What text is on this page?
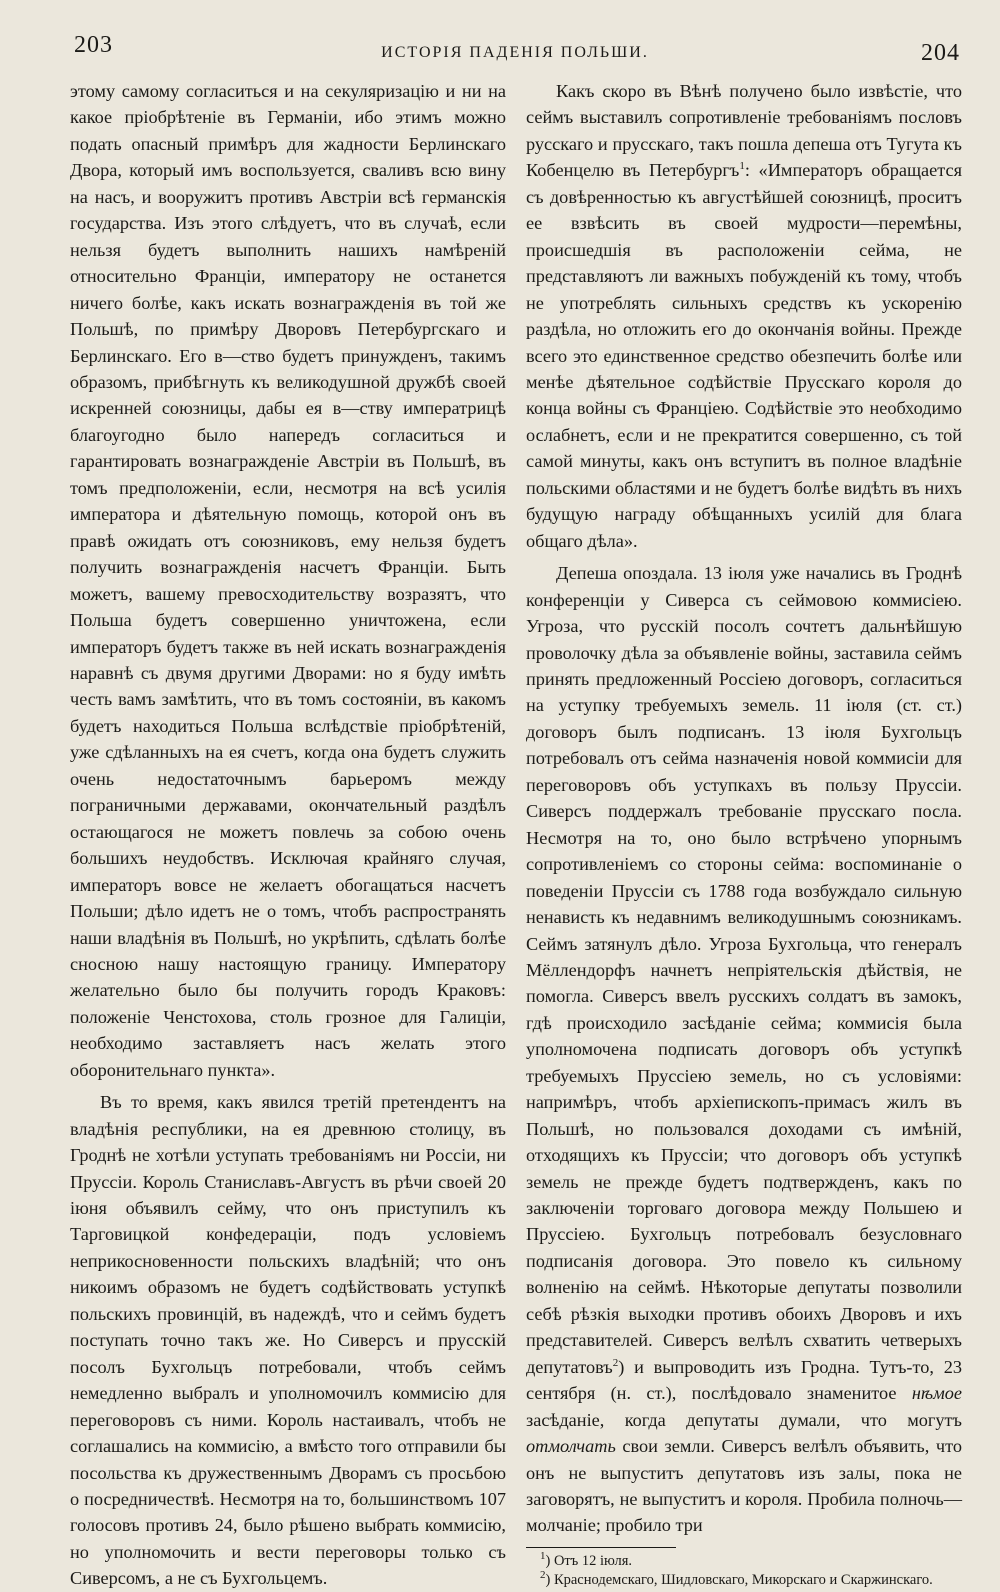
203	ИСТОРІЯ ПАДЕНІЯ ПОЛЬШИ.	204

этому самому согласиться и на секуляризацію и ни на какое пріобрѣтеніе въ Германіи, ибо этимъ можно подать опасный примѣръ для жадности Берлинскаго Двора, который имъ воспользуется, сваливъ всю вину на насъ, и вооружитъ противъ Австріи всѣ германскія государства. Изъ этого слѣдуетъ, что въ случаѣ, если нельзя будетъ выполнить нашихъ намѣреній относительно Франціи, императору не останется ничего болѣе, какъ искать вознагражденія въ той же Польшѣ, по примѣру Дворовъ Петербургскаго и Берлинскаго. Его в—ство будетъ принужденъ, такимъ образомъ, прибѣгнуть къ великодушной дружбѣ своей искренней союзницы, дабы ея в—ству императрицѣ благоугодно было напередъ согласиться и гарантировать вознагражденіе Австріи въ Польшѣ, въ томъ предположеніи, если, несмотря на всѣ усилія императора и дѣятельную помощь, которой онъ въ правѣ ожидать отъ союзниковъ, ему нельзя будетъ получить вознагражденія насчетъ Франціи. Быть можетъ, вашему превосходительству возразятъ, что Польша будетъ совершенно уничтожена, если императоръ будетъ также въ ней искать вознагражденія наравнѣ съ двумя другими Дворами: но я буду имѣть честь вамъ замѣтить, что въ томъ состояніи, въ какомъ будетъ находиться Польша вслѣдствіе пріобрѣтеній, уже сдѣланныхъ на ея счетъ, когда она будетъ служить очень недостаточнымъ барьеромъ между пограничными державами, окончательный раздѣлъ остающагося не можетъ повлечь за собою очень большихъ неудобствъ. Исключая крайняго случая, императоръ вовсе не желаетъ обогащаться насчетъ Польши; дѣло идетъ не о томъ, чтобъ распространять наши владѣнія въ Польшѣ, но укрѣпить, сдѣлать болѣе сносною нашу настоящую границу. Императору желательно было бы получить городъ Краковъ: положеніе Ченстохова, столь грозное для Галиціи, необходимо заставляетъ насъ желать этого оборонительнаго пункта».

Въ то время, какъ явился третій претендентъ на владѣнія республики, на ея древнюю столицу, въ Гроднѣ не хотѣли уступать требованіямъ ни Россіи, ни Пруссіи. Король Станиславъ-Августъ въ рѣчи своей 20 іюня объявилъ сейму, что онъ приступилъ къ Тарговицкой конфедераціи, подъ условіемъ неприкосновенности польскихъ владѣній; что онъ никоимъ образомъ не будетъ содѣйствовать уступкѣ польскихъ провинцій, въ надеждѣ, что и сеймъ будетъ поступать точно такъ же. Но Сиверсъ и прусскій посолъ Бухгольцъ потребовали, чтобъ сеймъ немедленно выбралъ и уполномочилъ коммисію для переговоровъ съ ними. Король настаивалъ, чтобъ не соглашались на коммисію, а вмѣсто того отправили бы посольства къ дружественнымъ Дворамъ съ просьбою о посредничествѣ. Несмотря на то, большинствомъ 107 голосовъ противъ 24, было рѣшено выбрать коммисію, но уполномочить и вести переговоры только съ Сиверсомъ, а не съ Бухгольцемъ.

Какъ скоро въ Вѣнѣ получено было извѣстіе, что сеймъ выставилъ сопротивленіе требованіямъ пословъ русскаго и прусскаго, такъ пошла депеша отъ Тугута къ Кобенцелю въ Петербургъ$^1$: «Императоръ обращается съ довѣренностью къ августѣйшей союзницѣ, проситъ ее взвѣсить въ своей мудрости—перемѣны, происшедшія въ расположеніи сейма, не представляютъ ли важныхъ побужденій къ тому, чтобъ не употреблять сильныхъ средствъ къ ускоренію раздѣла, но отложить его до окончанія войны. Прежде всего это единственное средство обезпечить болѣе или менѣе дѣятельное содѣйствіе Прусскаго короля до конца войны съ Франціею. Содѣйствіе это необходимо ослабнетъ, если и не прекратится совершенно, съ той самой минуты, какъ онъ вступитъ въ полное владѣніе польскими областями и не будетъ болѣе видѣть въ нихъ будущую награду обѣщанныхъ усилій для блага общаго дѣла».

Депеша опоздала. 13 іюля уже начались въ Гроднѣ конференціи у Сиверса съ сеймовою коммисіею. Угроза, что русскій посолъ сочтетъ дальнѣйшую проволочку дѣла за объявленіе войны, заставила сеймъ принять предложенный Россіею договоръ, согласиться на уступку требуемыхъ земель. 11 іюля (ст. ст.) договоръ былъ подписанъ. 13 іюля Бухгольцъ потребовалъ отъ сейма назначенія новой коммисіи для переговоровъ объ уступкахъ въ пользу Пруссіи. Сиверсъ поддержалъ требованіе прусскаго посла. Несмотря на то, оно было встрѣчено упорнымъ сопротивленіемъ со стороны сейма: воспоминаніе о поведеніи Пруссіи съ 1788 года возбуждало сильную ненависть къ недавнимъ великодушнымъ союзникамъ. Сеймъ затянулъ дѣло. Угроза Бухгольца, что генералъ Мёллендорфъ начнетъ непріятельскія дѣйствія, не помогла. Сиверсъ ввелъ русскихъ солдатъ въ замокъ, гдѣ происходило засѣданіе сейма; коммисія была уполномочена подписать договоръ объ уступкѣ требуемыхъ Пруссіею земель, но съ условіями: напримѣръ, чтобъ архіепископъ-примасъ жилъ въ Польшѣ, но пользовался доходами съ имѣній, отходящихъ къ Пруссіи; что договоръ объ уступкѣ земель не прежде будетъ подтвержденъ, какъ по заключеніи торговаго договора между Польшею и Пруссіею. Бухгольцъ потребовалъ безусловнаго подписанія договора. Это повело къ сильному волненію на сеймѣ. Нѣкоторые депутаты позволили себѣ рѣзкія выходки противъ обоихъ Дворовъ и ихъ представителей. Сиверсъ велѣлъ схватить четверыхъ депутатовъ$^2$) и выпроводить изъ Гродна. Тутъ-то, 23 сентября (н. ст.), послѣдовало знаменитое нѣмое засѣданіе, когда депутаты думали, что могутъ отмолчать свои земли. Сиверсъ велѣлъ объявить, что онъ не выпуститъ депутатовъ изъ залы, пока не заговорятъ, не выпуститъ и короля. Пробила полночь—молчаніе; пробило три

$^1$) Отъ 12 іюля.

$^2$) Краснодемскаго, Шидловскаго, Микорскаго и Скаржинскаго.
